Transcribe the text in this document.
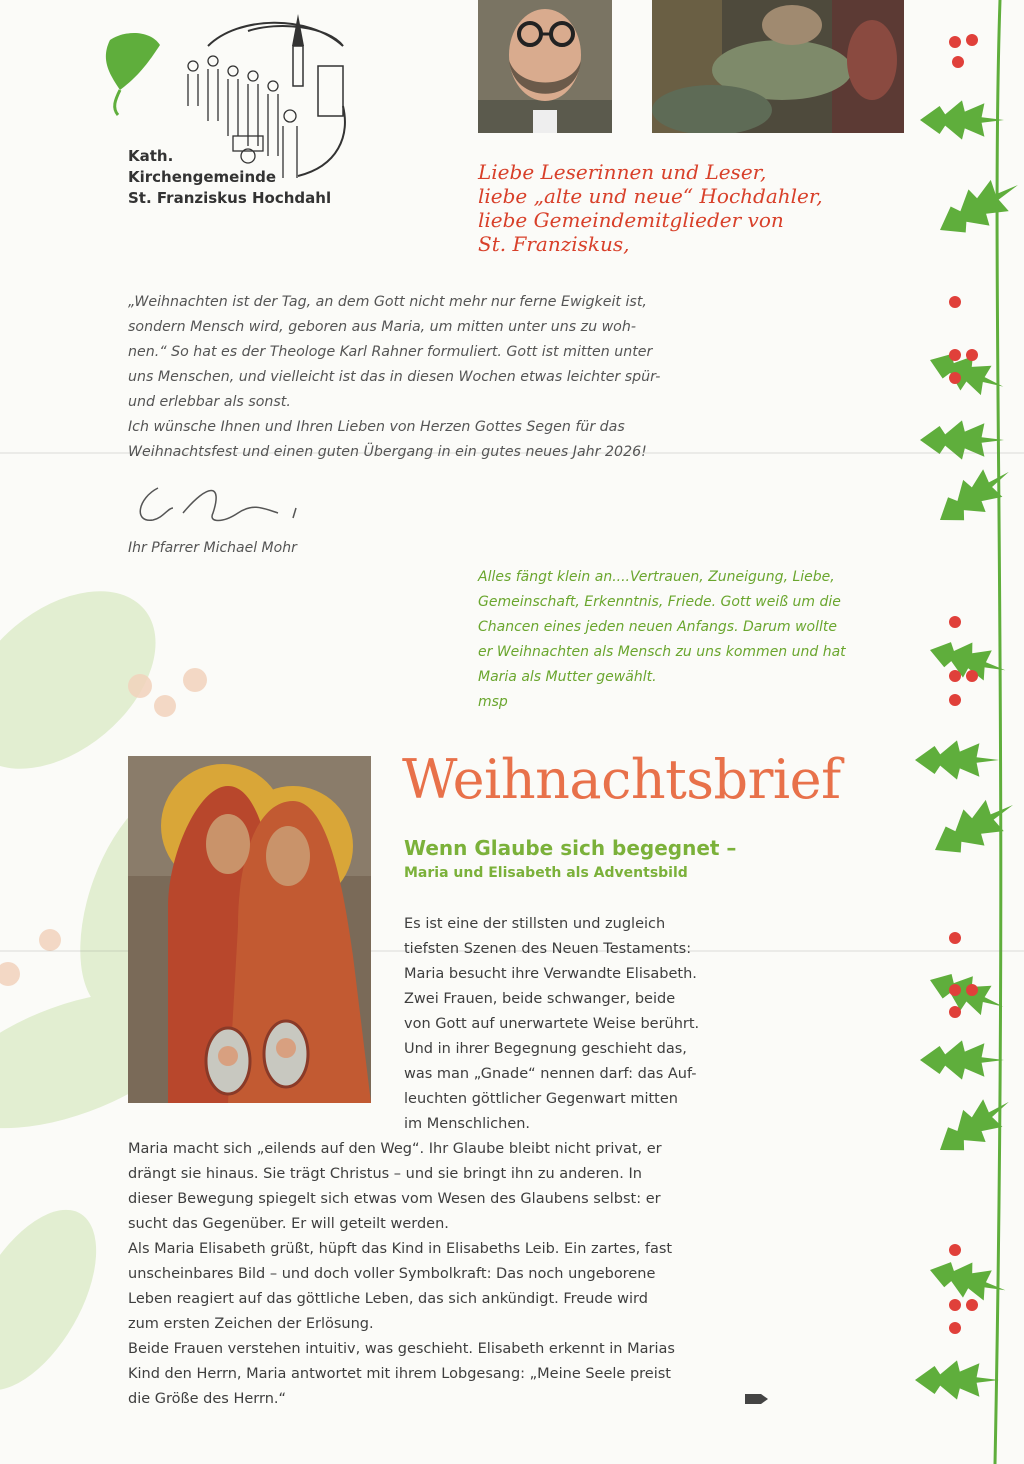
Kath.
Kirchengemeinde
St. Franziskus Hochdahl
Liebe Leserinnen und Leser,
liebe „alte und neue“ Hochdahler,
liebe Gemeindemitglieder von
St. Franziskus,
„Weihnachten ist der Tag, an dem Gott nicht mehr nur ferne Ewigkeit ist,
sondern Mensch wird, geboren aus Maria, um mitten unter uns zu woh-
nen.“ So hat es der Theologe Karl Rahner formuliert. Gott ist mitten unter
uns Menschen, und vielleicht ist das in diesen Wochen etwas leichter spür-
und erlebbar als sonst.
Ich wünsche Ihnen und Ihren Lieben von Herzen Gottes Segen für das
Weihnachtsfest und einen guten Übergang in ein gutes neues Jahr 2026!
Ihr Pfarrer Michael Mohr
Alles fängt klein an....Vertrauen, Zuneigung, Liebe,
Gemeinschaft, Erkenntnis, Friede. Gott weiß um die
Chancen eines jeden neuen Anfangs. Darum wollte
er Weihnachten als Mensch zu uns kommen und hat
Maria als Mutter gewählt.
msp
Weihnachtsbrief
Wenn Glaube sich begegnet –
Maria und Elisabeth als Adventsbild
Es ist eine der stillsten und zugleich
tiefsten Szenen des Neuen Testaments:
Maria besucht ihre Verwandte Elisabeth.
Zwei Frauen, beide schwanger, beide
von Gott auf unerwartete Weise berührt.
Und in ihrer Begegnung geschieht das,
was man „Gnade“ nennen darf: das Auf-
leuchten göttlicher Gegenwart mitten
im Menschlichen.
Maria macht sich „eilends auf den Weg“. Ihr Glaube bleibt nicht privat, er
drängt sie hinaus. Sie trägt Christus – und sie bringt ihn zu anderen. In
dieser Bewegung spiegelt sich etwas vom Wesen des Glaubens selbst: er
sucht das Gegenüber. Er will geteilt werden.
Als Maria Elisabeth grüßt, hüpft das Kind in Elisabeths Leib. Ein zartes, fast
unscheinbares Bild – und doch voller Symbolkraft: Das noch ungeborene
Leben reagiert auf das göttliche Leben, das sich ankündigt. Freude wird
zum ersten Zeichen der Erlösung.
Beide Frauen verstehen intuitiv, was geschieht. Elisabeth erkennt in Marias
Kind den Herrn, Maria antwortet mit ihrem Lobgesang: „Meine Seele preist
die Größe des Herrn.“
